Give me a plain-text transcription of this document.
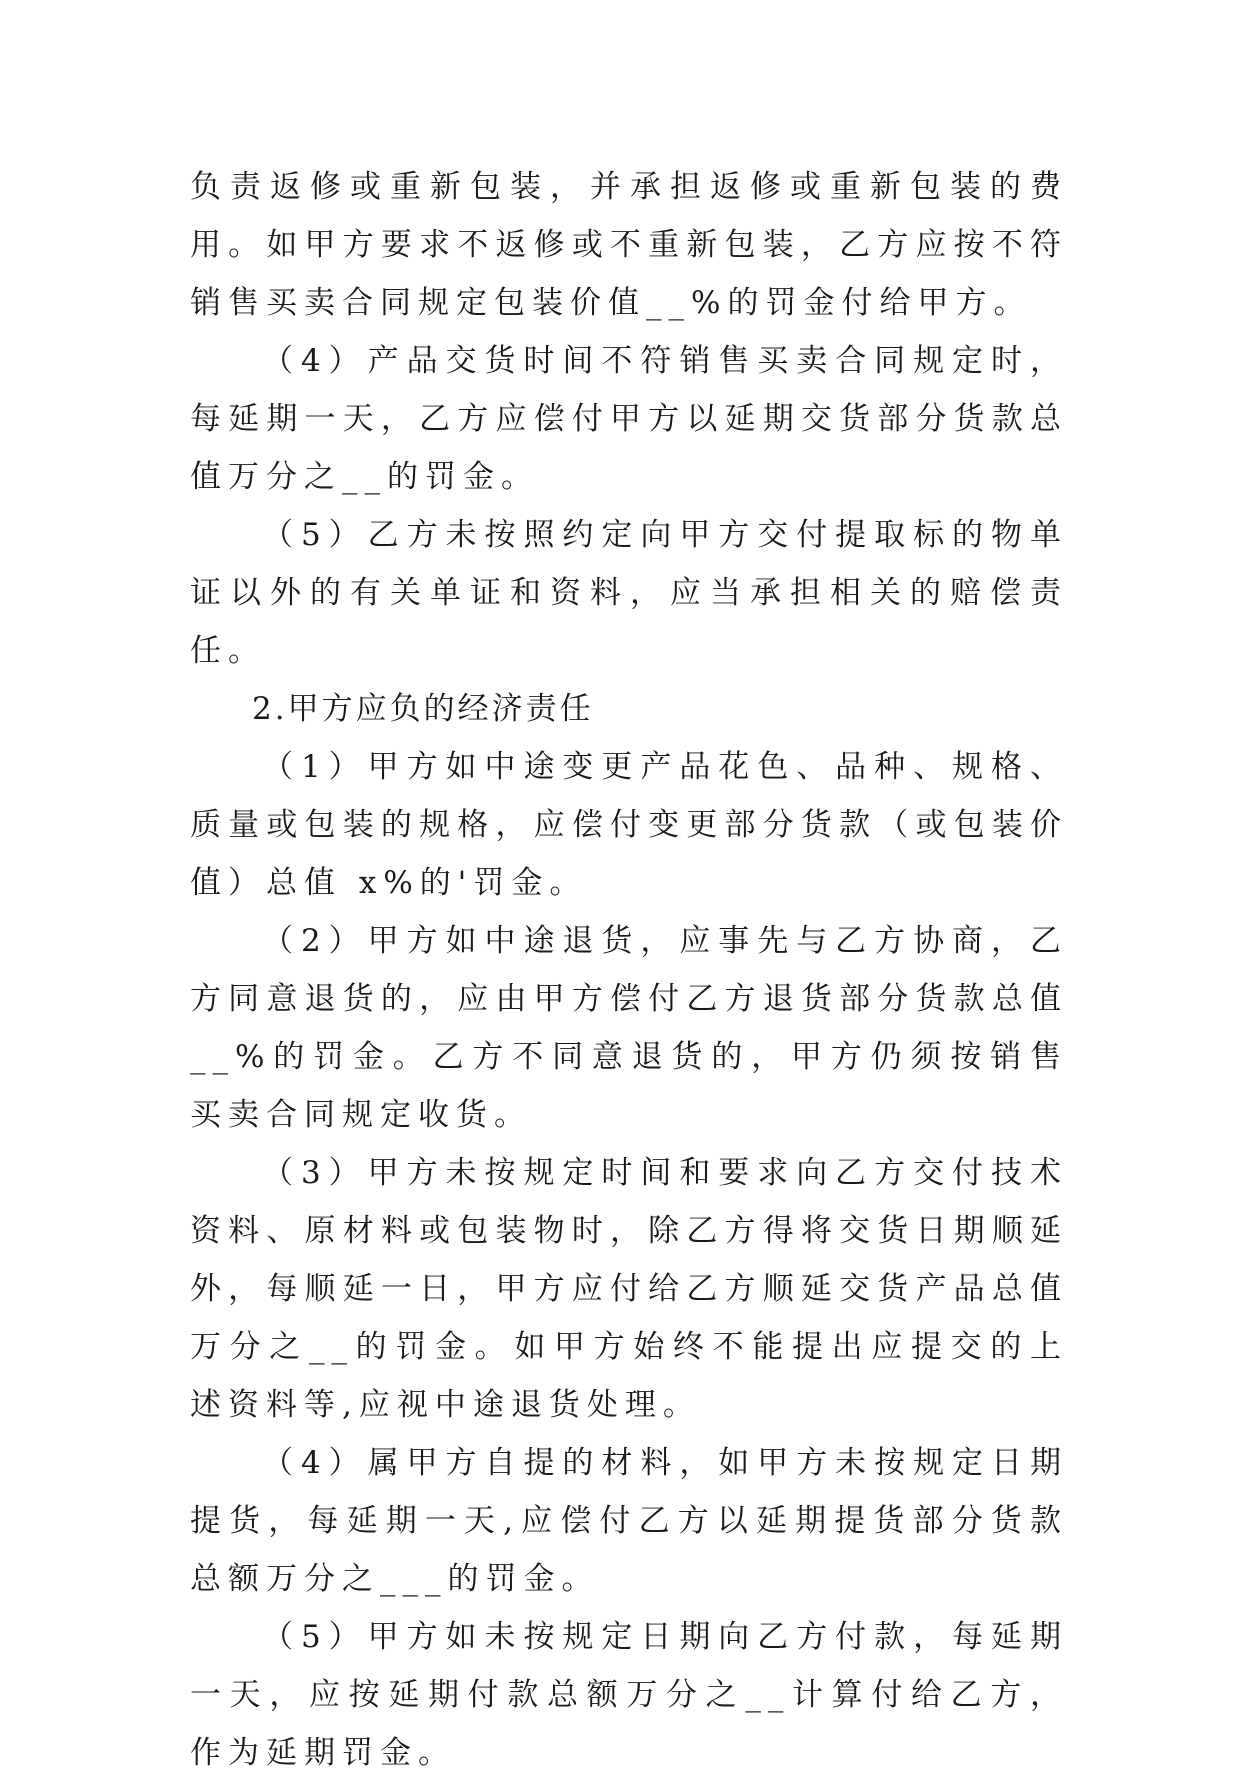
负责返修或重新包装，并承担返修或重新包装的费用。如甲方要求不返修或不重新包装，乙方应按不符销售买卖合同规定包装价值__%的罚金付给甲方。

（4）产品交货时间不符销售买卖合同规定时，每延期一天，乙方应偿付甲方以延期交货部分货款总值万分之__的罚金。

（5）乙方未按照约定向甲方交付提取标的物单证以外的有关单证和资料，应当承担相关的赔偿责任。

2.甲方应负的经济责任

（1）甲方如中途变更产品花色、品种、规格、质量或包装的规格，应偿付变更部分货款（或包装价值）总值 x%的'罚金。

（2）甲方如中途退货，应事先与乙方协商，乙方同意退货的，应由甲方偿付乙方退货部分货款总值__%的罚金。乙方不同意退货的，甲方仍须按销售买卖合同规定收货。

（3）甲方未按规定时间和要求向乙方交付技术资料、原材料或包装物时，除乙方得将交货日期顺延外，每顺延一日，甲方应付给乙方顺延交货产品总值万分之__的罚金。如甲方始终不能提出应提交的上述资料等,应视中途退货处理。

（4）属甲方自提的材料，如甲方未按规定日期提货，每延期一天,应偿付乙方以延期提货部分货款总额万分之___的罚金。

（5）甲方如未按规定日期向乙方付款，每延期一天，应按延期付款总额万分之__计算付给乙方，作为延期罚金。
